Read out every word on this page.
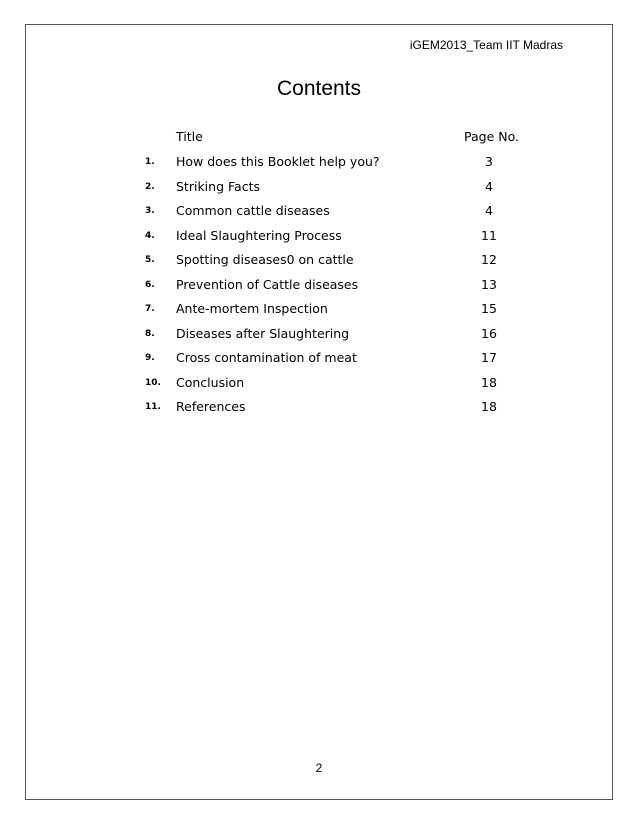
iGEM2013_Team IIT Madras
Contents
Title	Page No.
1. How does this Booklet help you?	3
2. Striking Facts	4
3. Common cattle diseases	4
4. Ideal Slaughtering Process	11
5. Spotting diseases0 on cattle	12
6. Prevention of Cattle diseases	13
7. Ante-mortem Inspection	15
8. Diseases after Slaughtering	16
9. Cross contamination of meat	17
10. Conclusion	18
11. References	18
2
